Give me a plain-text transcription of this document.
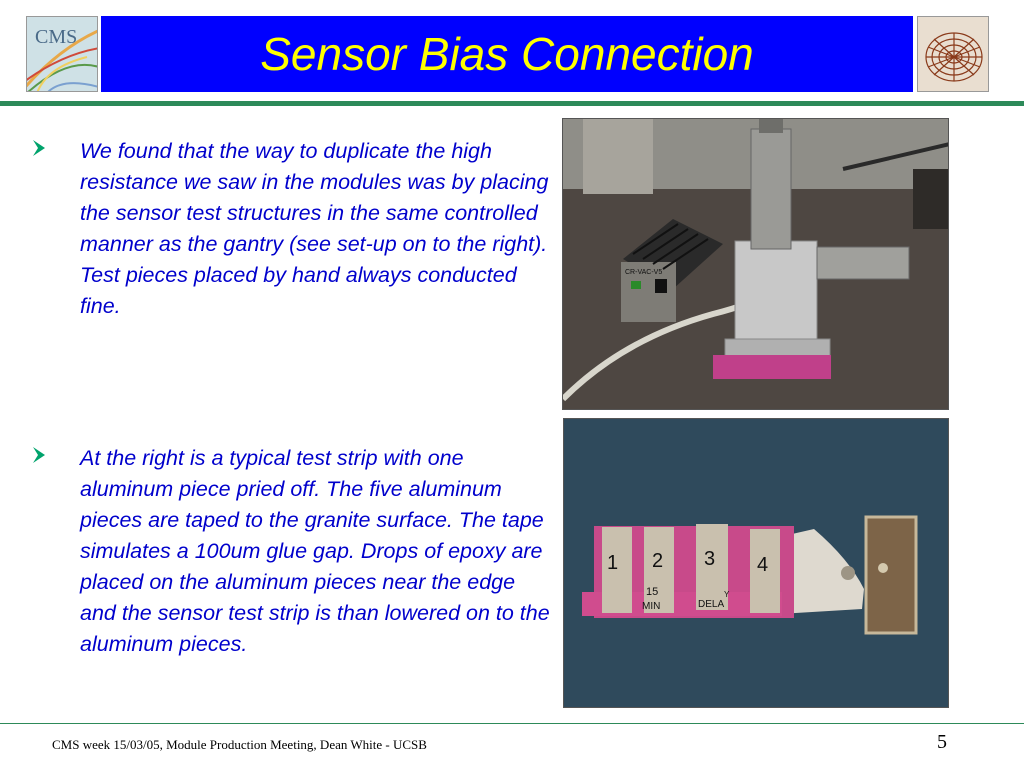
CMS	Sensor Bias Connection
We found that the way to duplicate the high resistance we saw in the modules was by placing the sensor test structures in the same controlled manner as the gantry (see set-up on to the right). Test pieces placed by hand always conducted fine.
CR-VAC-V5
At the right is a typical test strip with one aluminum piece pried off. The five aluminum pieces are taped to the granite surface. The tape simulates a 100um glue gap. Drops of epoxy are placed on the aluminum pieces near the edge and the sensor test strip is than lowered on to the aluminum pieces.
1 2 3 4
15
MIN	DELA
Y
CMS week 15/03/05, Module Production Meeting, Dean White - UCSB	5
